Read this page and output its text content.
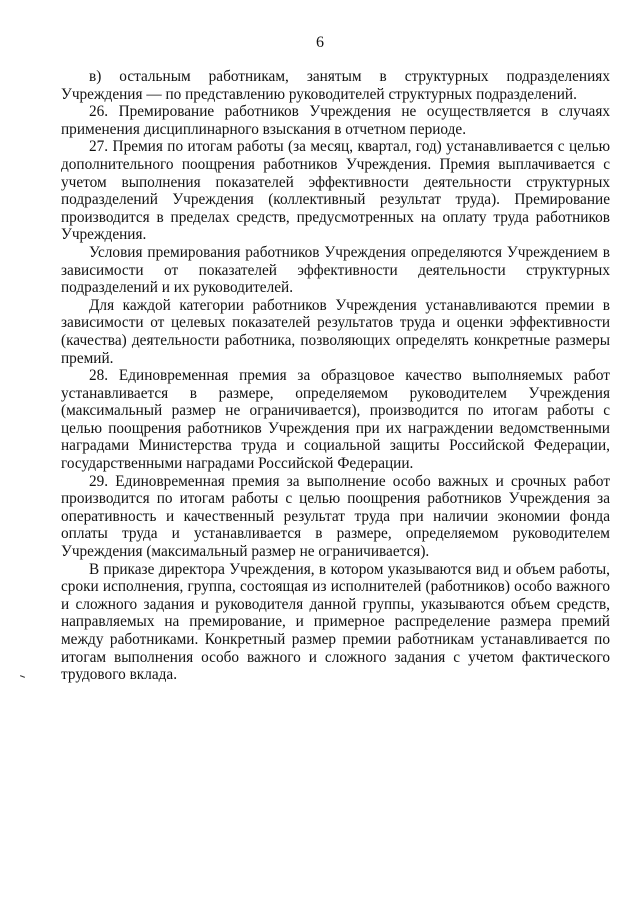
6

в) остальным работникам, занятым в структурных подразделениях Учреждения — по представлению руководителей структурных подразделений.

26. Премирование работников Учреждения не осуществляется в случаях применения дисциплинарного взыскания в отчетном периоде.

27. Премия по итогам работы (за месяц, квартал, год) устанавливается с целью дополнительного поощрения работников Учреждения. Премия выплачивается с учетом выполнения показателей эффективности деятельности структурных подразделений Учреждения (коллективный результат труда). Премирование производится в пределах средств, предусмотренных на оплату труда работников Учреждения.

Условия премирования работников Учреждения определяются Учреждением в зависимости от показателей эффективности деятельности структурных подразделений и их руководителей.

Для каждой категории работников Учреждения устанавливаются премии в зависимости от целевых показателей результатов труда и оценки эффективности (качества) деятельности работника, позволяющих определять конкретные размеры премий.

28. Единовременная премия за образцовое качество выполняемых работ устанавливается в размере, определяемом руководителем Учреждения (максимальный размер не ограничивается), производится по итогам работы с целью поощрения работников Учреждения при их награждении ведомственными наградами Министерства труда и социальной защиты Российской Федерации, государственными наградами Российской Федерации.

29. Единовременная премия за выполнение особо важных и срочных работ производится по итогам работы с целью поощрения работников Учреждения за оперативность и качественный результат труда при наличии экономии фонда оплаты труда и устанавливается в размере, определяемом руководителем Учреждения (максимальный размер не ограничивается).

В приказе директора Учреждения, в котором указываются вид и объем работы, сроки исполнения, группа, состоящая из исполнителей (работников) особо важного и сложного задания и руководителя данной группы, указываются объем средств, направляемых на премирование, и примерное распределение размера премий между работниками. Конкретный размер премии работникам устанавливается по итогам выполнения особо важного и сложного задания с учетом фактического трудового вклада.
